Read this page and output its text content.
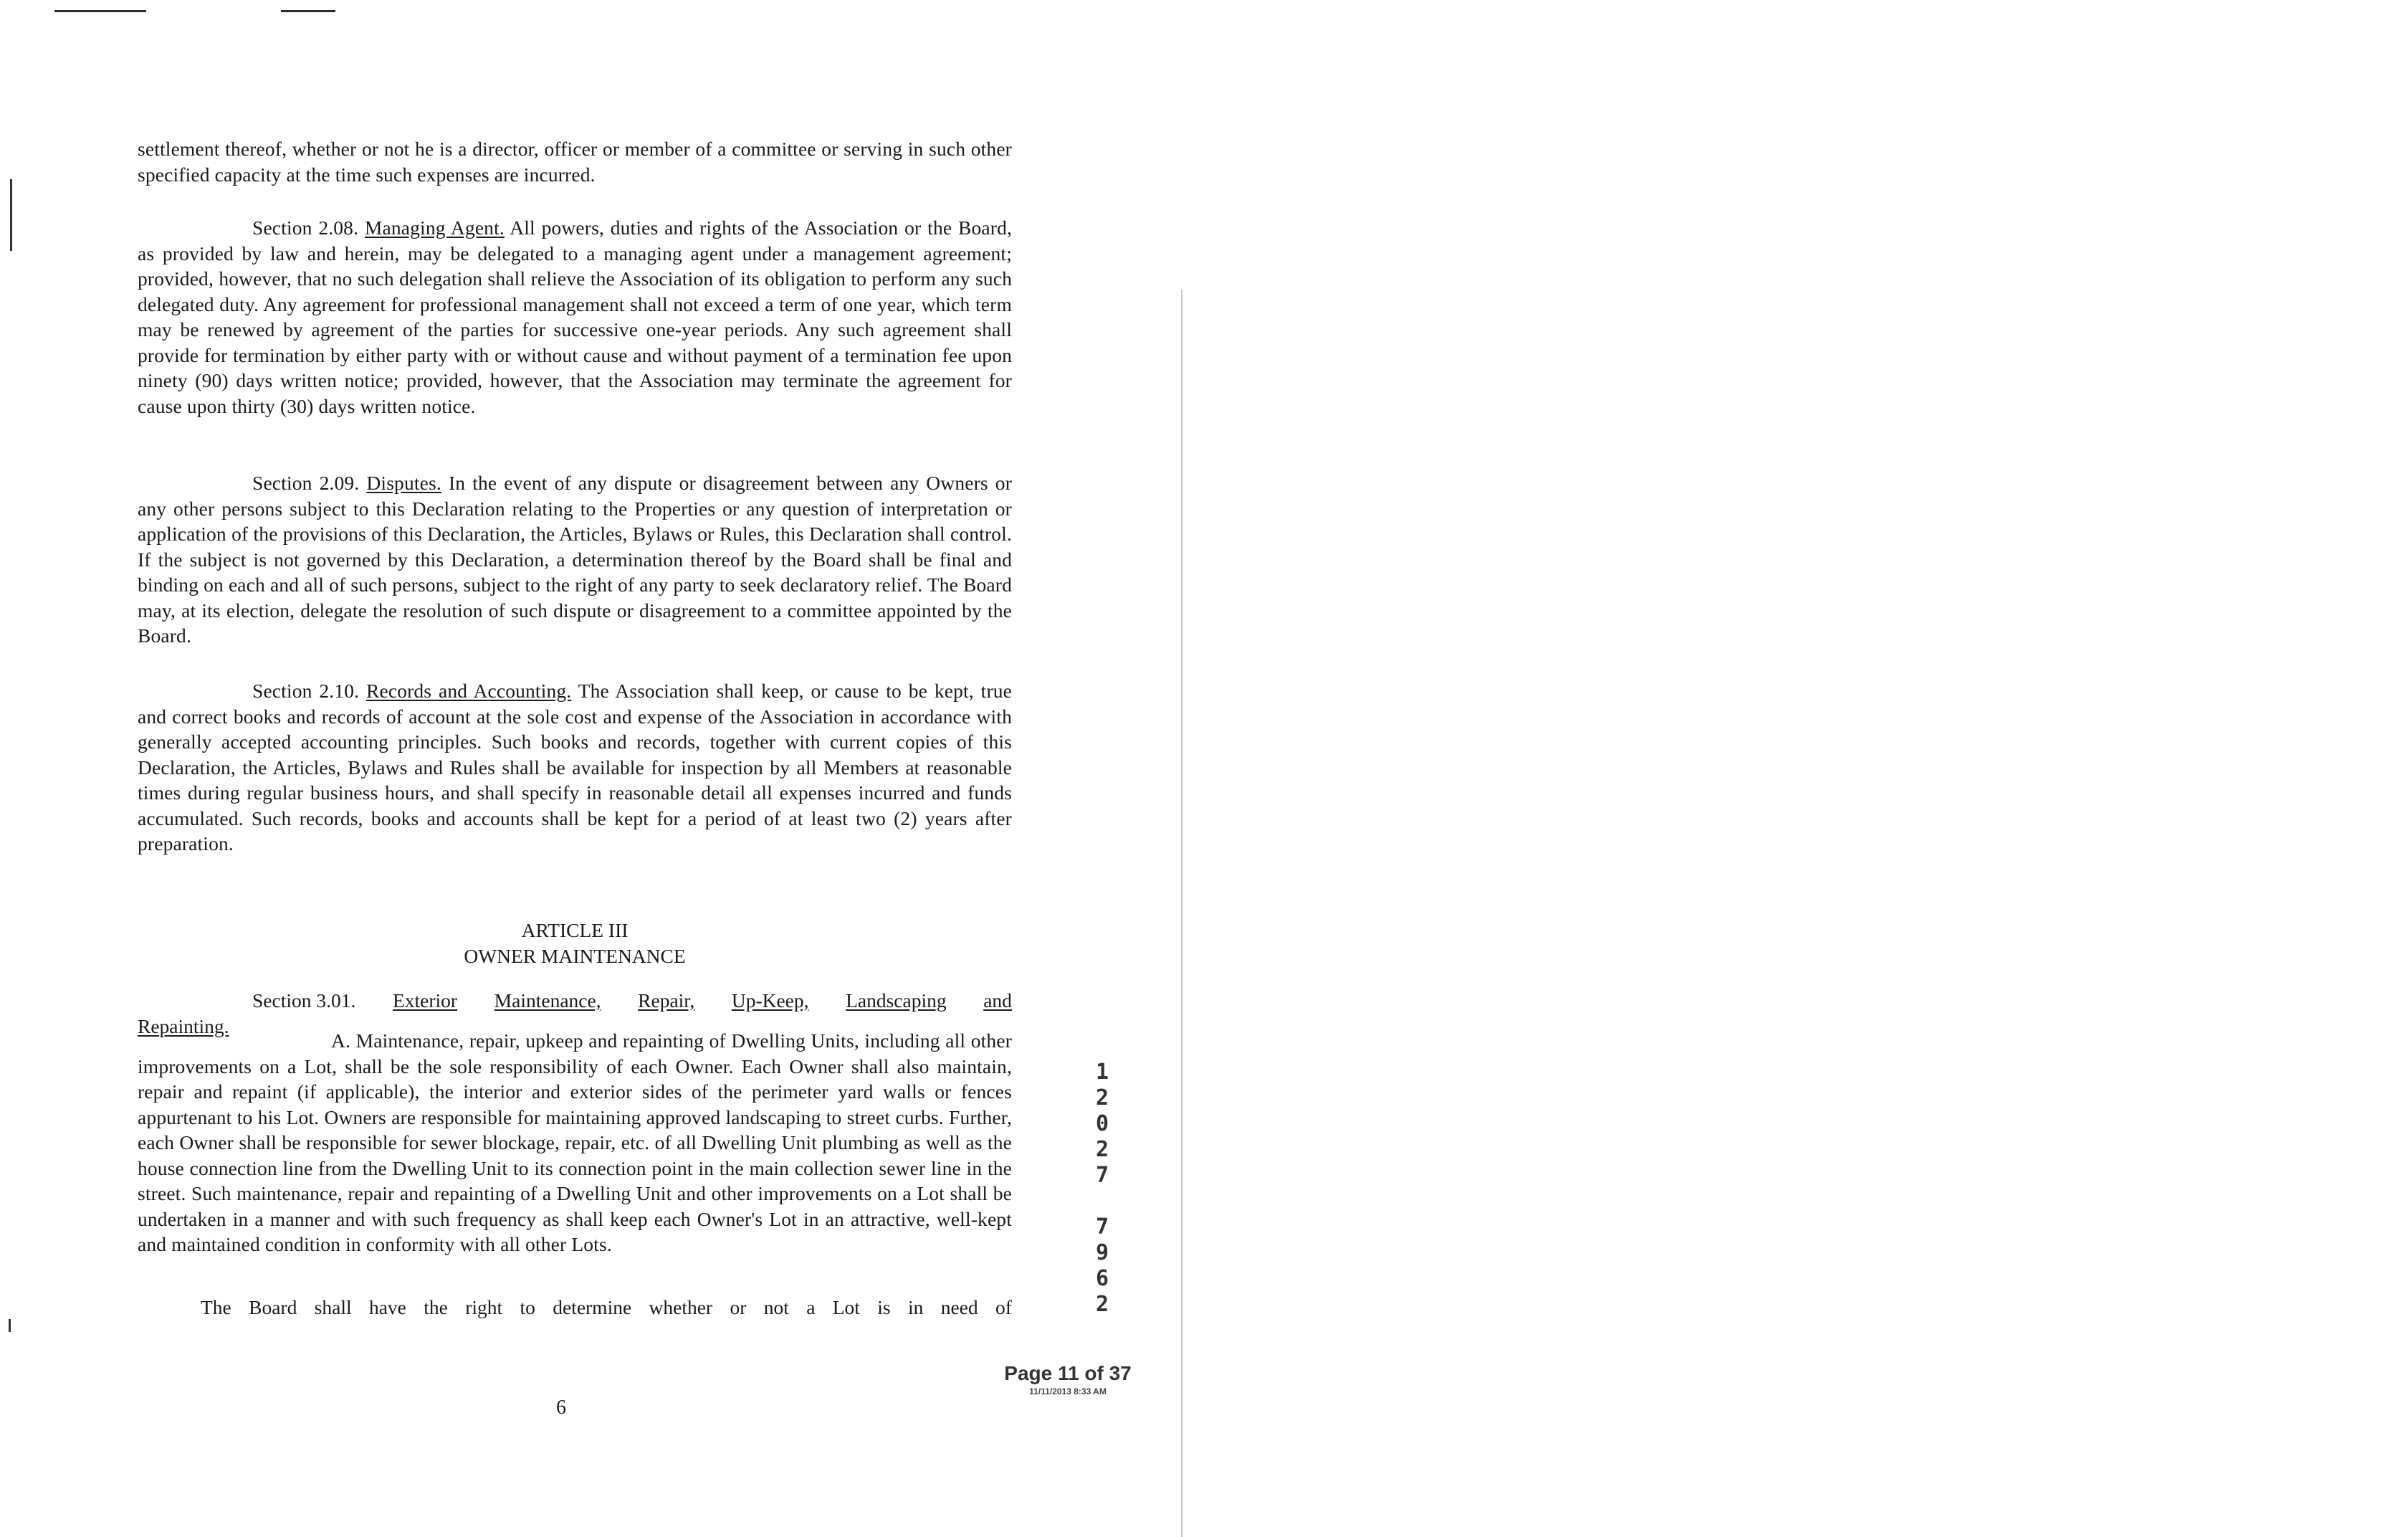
settlement thereof, whether or not he is a director, officer or member of a committee or serving in such other specified capacity at the time such expenses are incurred.

Section 2.08. Managing Agent. All powers, duties and rights of the Association or the Board, as provided by law and herein, may be delegated to a managing agent under a management agreement; provided, however, that no such delegation shall relieve the Association of its obligation to perform any such delegated duty. Any agreement for professional management shall not exceed a term of one year, which term may be renewed by agreement of the parties for successive one-year periods. Any such agreement shall provide for termination by either party with or without cause and without payment of a termination fee upon ninety (90) days written notice; provided, however, that the Association may terminate the agreement for cause upon thirty (30) days written notice.

Section 2.09. Disputes. In the event of any dispute or disagreement between any Owners or any other persons subject to this Declaration relating to the Properties or any question of interpretation or application of the provisions of this Declaration, the Articles, Bylaws or Rules, this Declaration shall control. If the subject is not governed by this Declaration, a determination thereof by the Board shall be final and binding on each and all of such persons, subject to the right of any party to seek declaratory relief. The Board may, at its election, delegate the resolution of such dispute or disagreement to a committee appointed by the Board.

Section 2.10. Records and Accounting. The Association shall keep, or cause to be kept, true and correct books and records of account at the sole cost and expense of the Association in accordance with generally accepted accounting principles. Such books and records, together with current copies of this Declaration, the Articles, Bylaws and Rules shall be available for inspection by all Members at reasonable times during regular business hours, and shall specify in reasonable detail all expenses incurred and funds accumulated. Such records, books and accounts shall be kept for a period of at least two (2) years after preparation.

ARTICLE III
OWNER MAINTENANCE
Section 3.01. Exterior Maintenance, Repair, Up-Keep, Landscaping and
Repainting.

A. Maintenance, repair, upkeep and repainting of Dwelling Units, including all other improvements on a Lot, shall be the sole responsibility of each Owner. Each Owner shall also maintain, repair and repaint (if applicable), the interior and exterior sides of the perimeter yard walls or fences appurtenant to his Lot. Owners are responsible for maintaining approved landscaping to street curbs. Further, each Owner shall be responsible for sewer blockage, repair, etc. of all Dwelling Unit plumbing as well as the house connection line from the Dwelling Unit to its connection point in the main collection sewer line in the street. Such maintenance, repair and repainting of a Dwelling Unit and other improvements on a Lot shall be undertaken in a manner and with such frequency as shall keep each Owner's Lot in an attractive, well-kept and maintained condition in conformity with all other Lots.

The Board shall have the right to determine whether or not a Lot is in need of
6
1
2
0
2
7
7
9
6
2
Page 11 of 37
11/11/2013 8:33 AM
